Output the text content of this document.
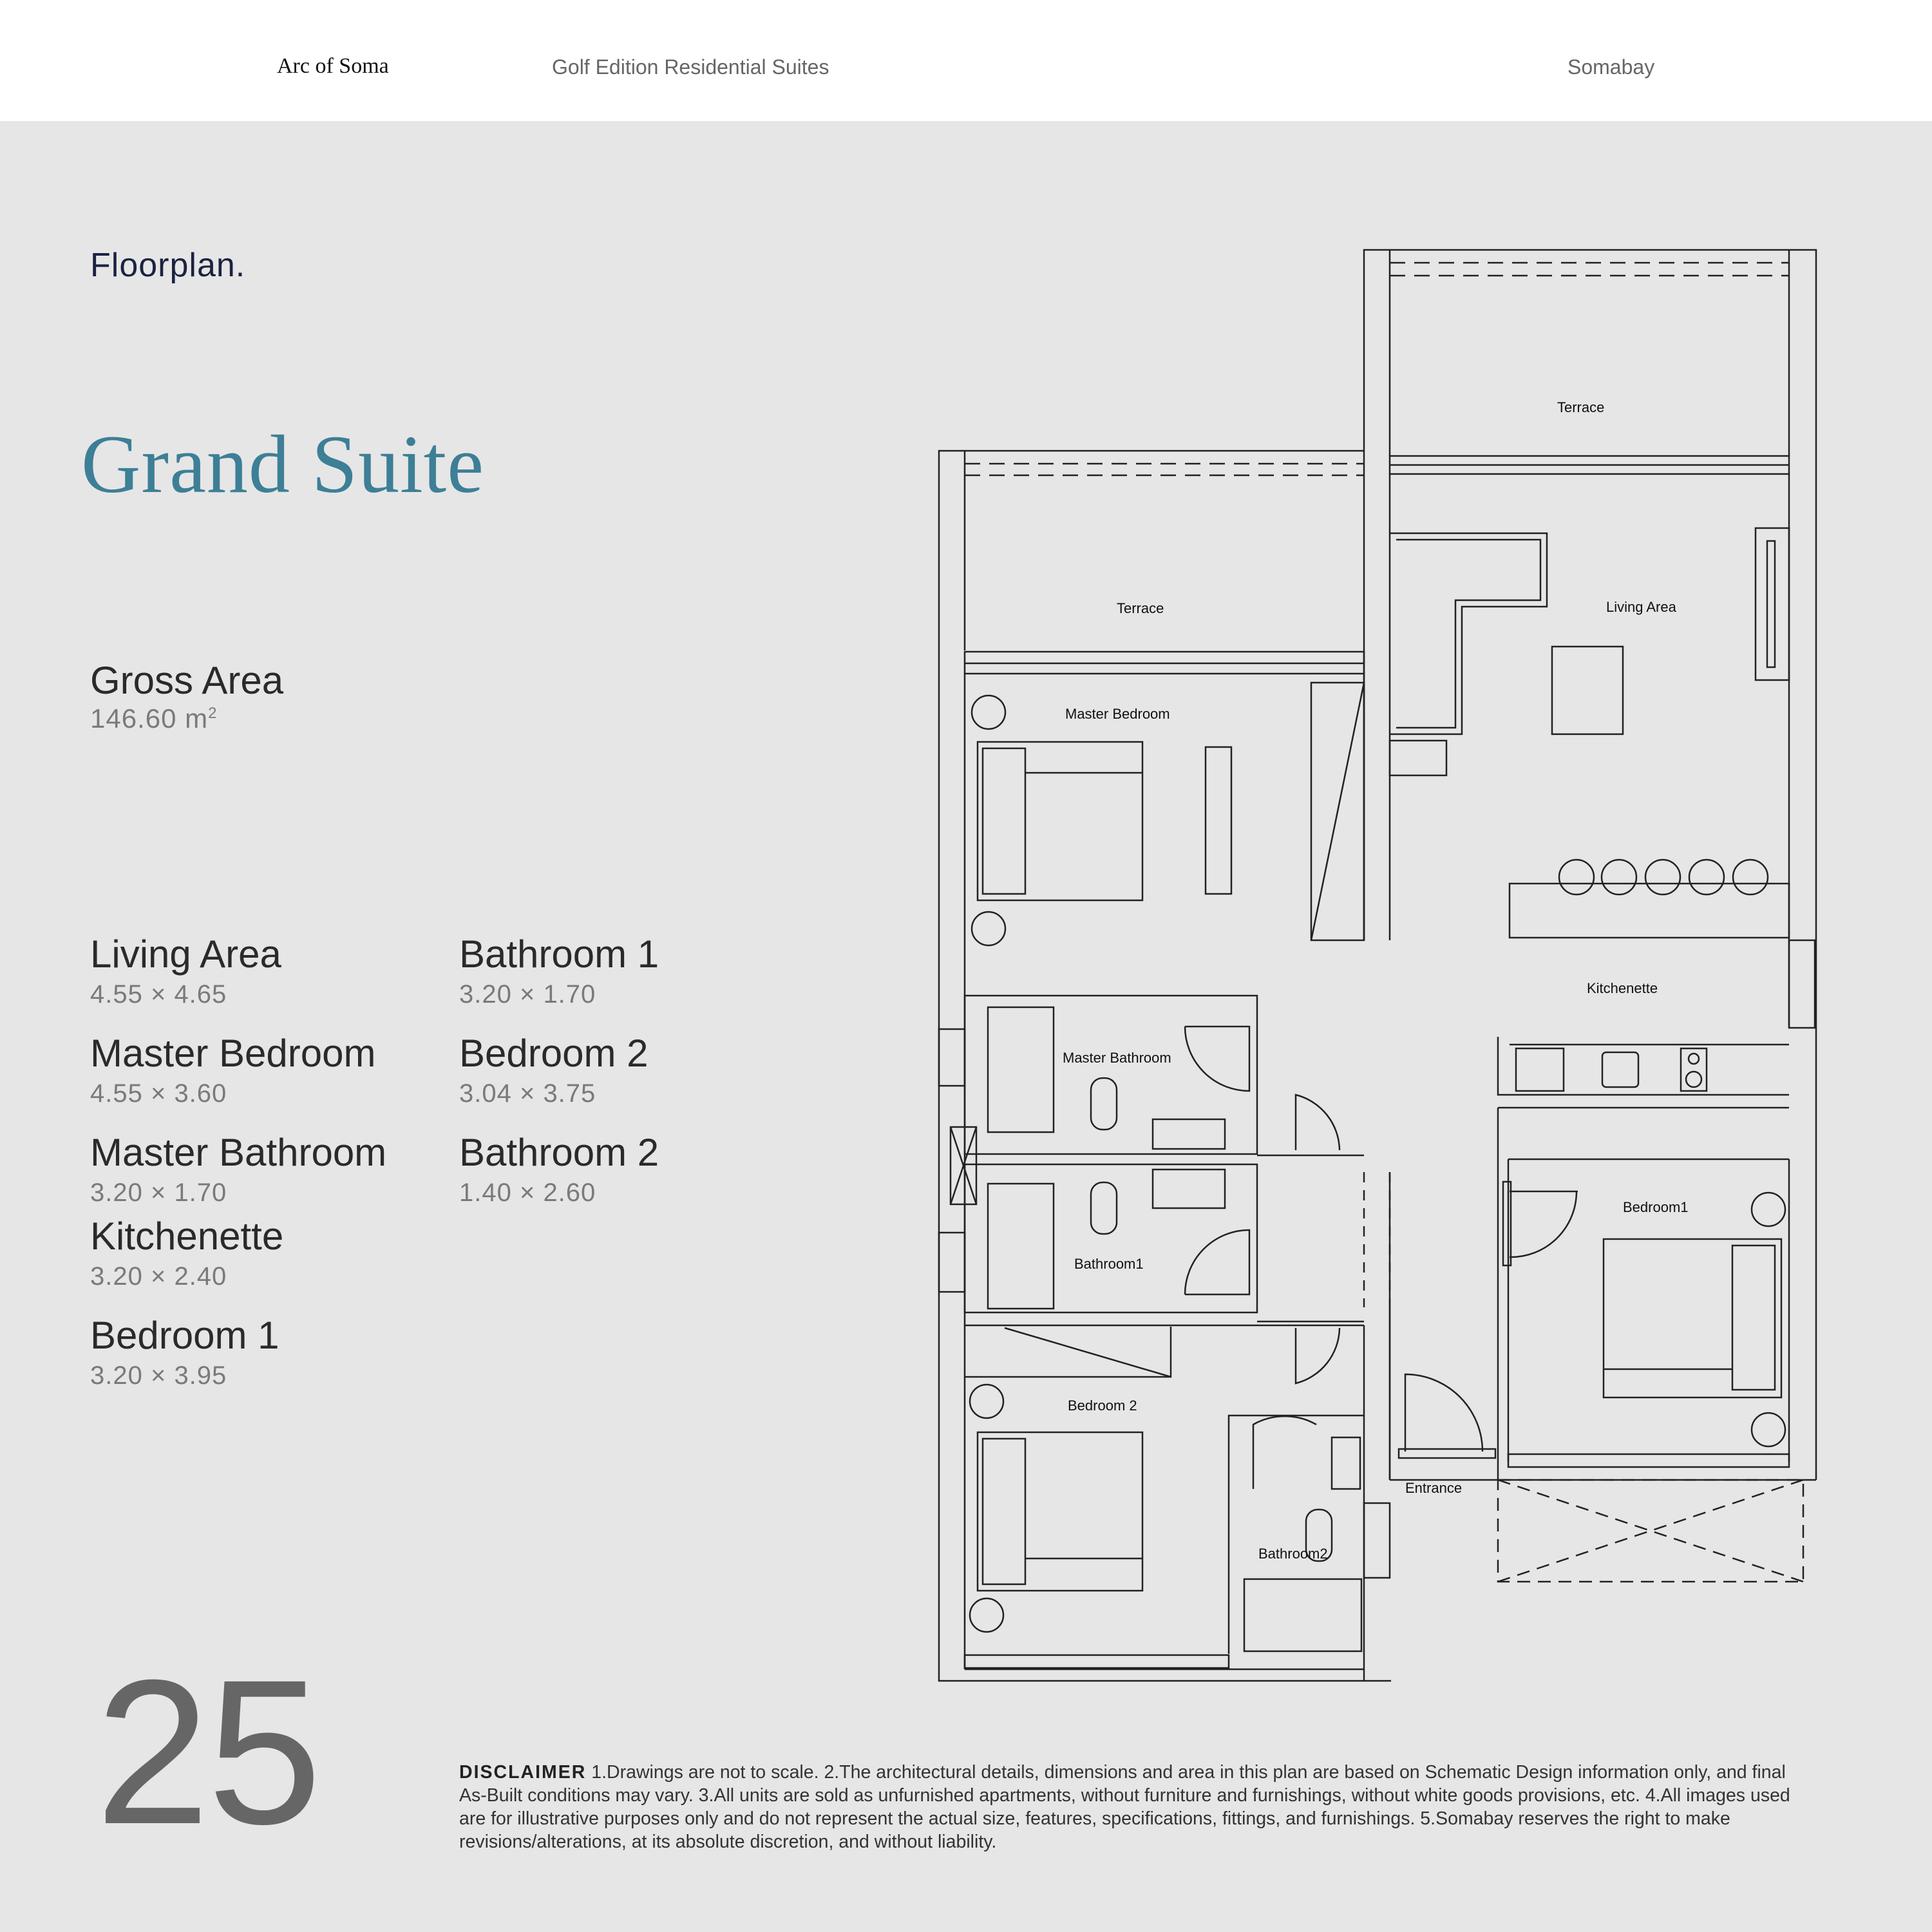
Arc of Soma	Golf Edition Residential Suites	Somabay
Floorplan.
Grand Suite
Gross Area
146.60 $m^2$
Living Area
4.55 × 4.65
Master Bedroom
4.55 × 3.60
Master Bathroom
3.20 × 1.70
Kitchenette
3.20 × 2.40
Bedroom 1
3.20 × 3.95
Bathroom 1
3.20 × 1.70
Bedroom 2
3.04 × 3.75
Bathroom 2
1.40 × 2.60
Terrace
Terrace	Living Area
Master Bedroom
Kitchenette
Master Bathroom
Bedroom1
Bathroom1
Bedroom 2
Entrance
Bathroom2
25	DISCLAIMER 1.Drawings are not to scale. 2.The architectural details, dimensions and area in this plan are based on Schematic Design information only, and final As-Built conditions may vary. 3.All units are sold as unfurnished apartments, without furniture and furnishings, without white goods provisions, etc. 4.All images used are for illustrative purposes only and do not represent the actual size, features, specifications, fittings, and furnishings. 5.Somabay reserves the right to make revisions/alterations, at its absolute discretion, and without liability.
